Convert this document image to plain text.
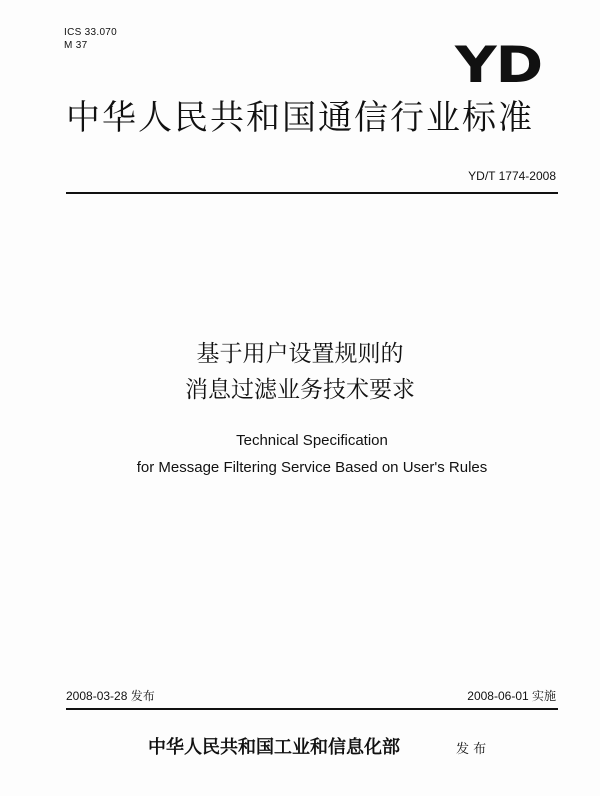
ICS 33.070
M 37	YD
中华人民共和国通信行业标准
YD/T 1774-2008
基于用户设置规则的
消息过滤业务技术要求
Technical Specification
for Message Filtering Service Based on User's Rules
2008-03-28 发布	2008-06-01 实施
中华人民共和国工业和信息化部	发 布
